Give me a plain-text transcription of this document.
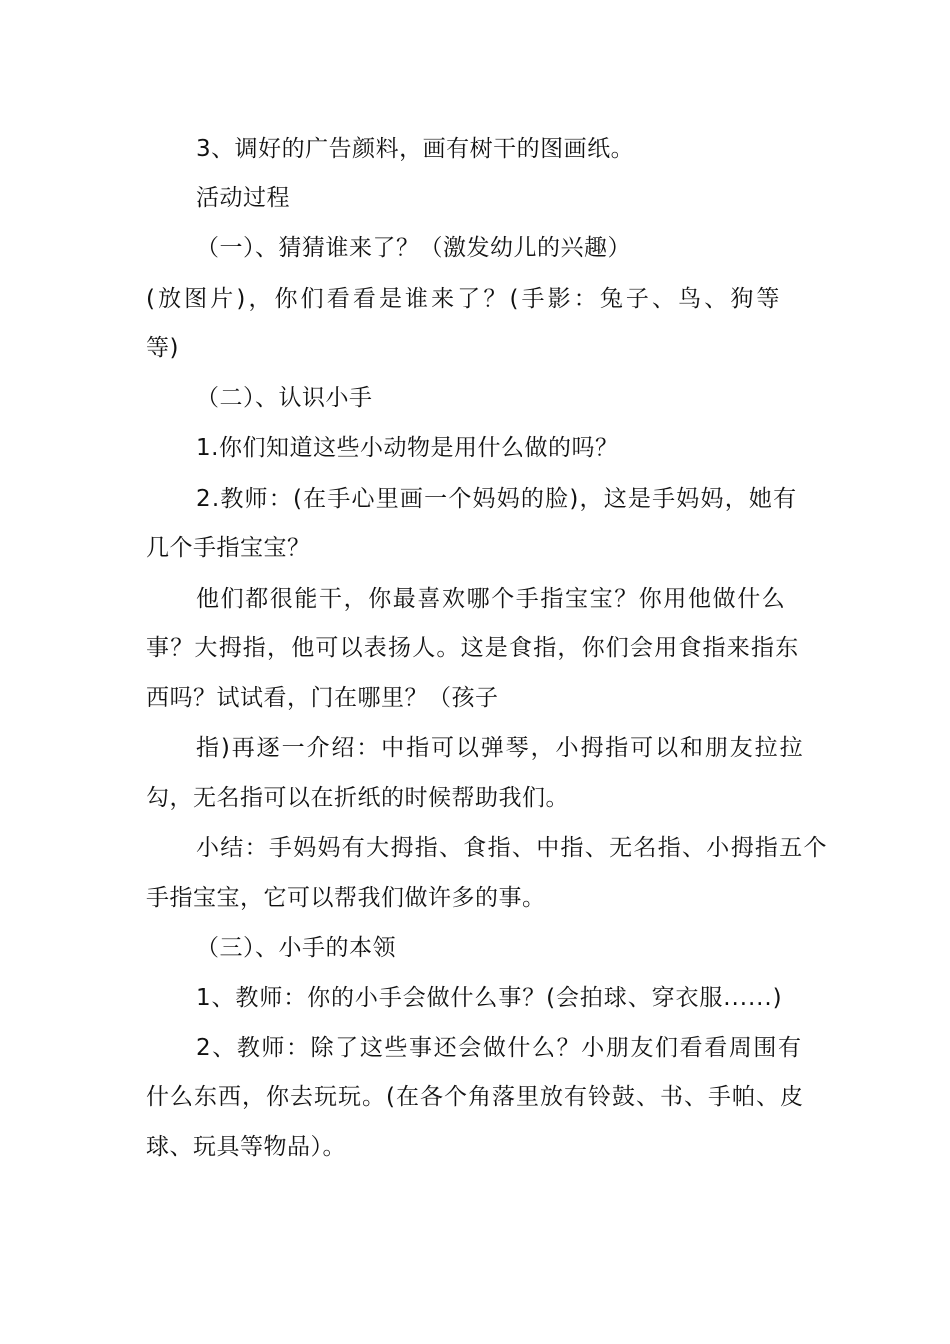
3、调好的广告颜料，画有树干的图画纸。
活动过程
（一）、猜猜谁来了？（激发幼儿的兴趣）
(放图片)，你们看看是谁来了？(手影：兔子、鸟、狗等
等)
（二）、认识小手
1.你们知道这些小动物是用什么做的吗？
2.教师：(在手心里画一个妈妈的脸)，这是手妈妈，她有
几个手指宝宝？
他们都很能干，你最喜欢哪个手指宝宝？你用他做什么
事？大拇指，他可以表扬人。这是食指，你们会用食指来指东
西吗？试试看，门在哪里？（孩子
指)再逐一介绍：中指可以弹琴，小拇指可以和朋友拉拉
勾，无名指可以在折纸的时候帮助我们。
小结：手妈妈有大拇指、食指、中指、无名指、小拇指五个
手指宝宝，它可以帮我们做许多的事。
（三）、小手的本领
1、教师：你的小手会做什么事？(会拍球、穿衣服......)
2、教师：除了这些事还会做什么？小朋友们看看周围有
什么东西，你去玩玩。(在各个角落里放有铃鼓、书、手帕、皮
球、玩具等物品）。
